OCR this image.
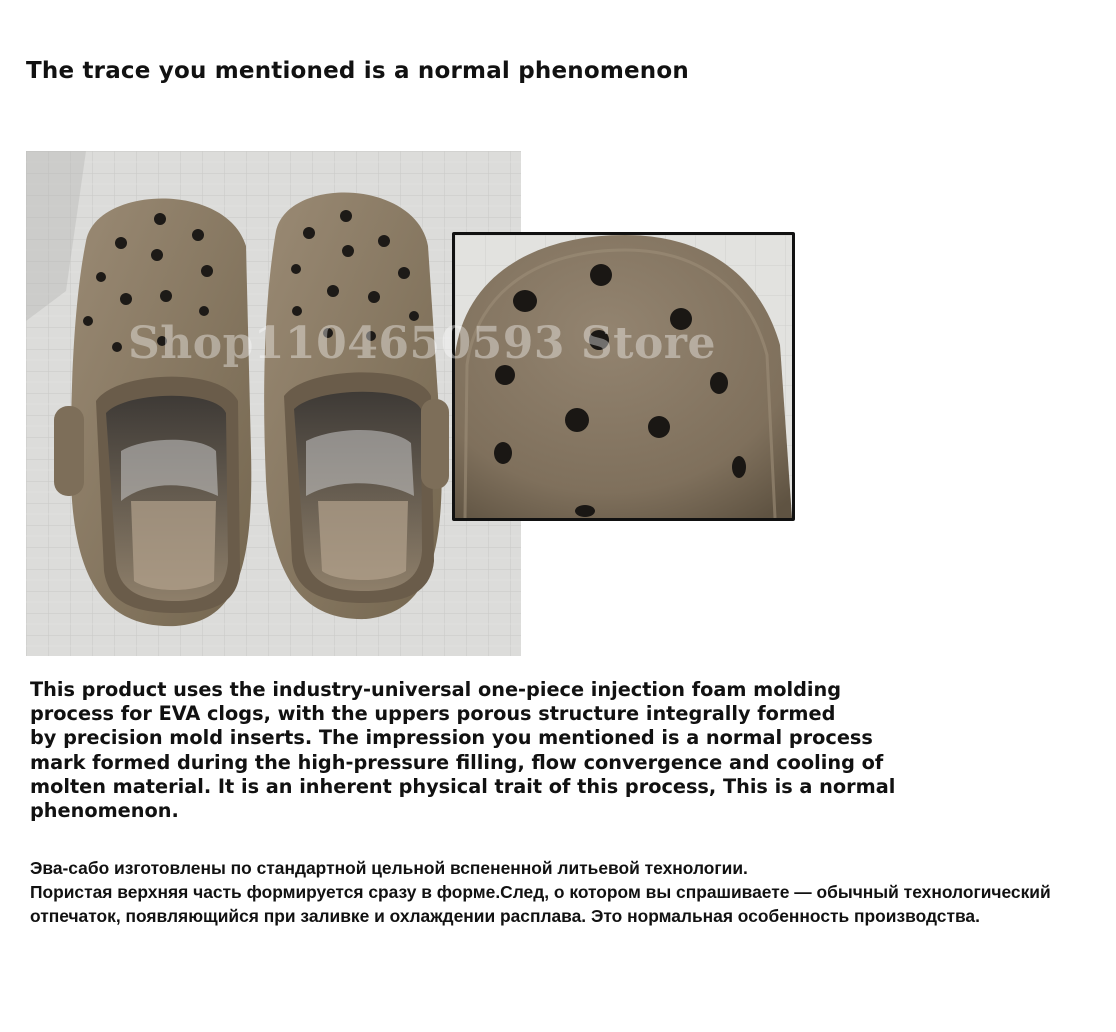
The trace you mentioned is a normal phenomenon
Shop1104650593 Store
This product uses the industry-universal one-piece injection foam molding
process for EVA clogs, with the uppers porous structure integrally formed
by precision mold inserts. The impression you mentioned is a normal process
mark formed during the high-pressure filling, flow convergence and cooling of
molten material. It is an inherent physical trait of this process, This is a normal
phenomenon.
Эва-сабо изготовлены по стандартной цельной вспененной литьевой технологии.
Пористая верхняя часть формируется сразу в форме.След, о котором вы спрашиваете — обычный технологический
отпечаток, появляющийся при заливке и охлаждении расплава. Это нормальная особенность производства.
